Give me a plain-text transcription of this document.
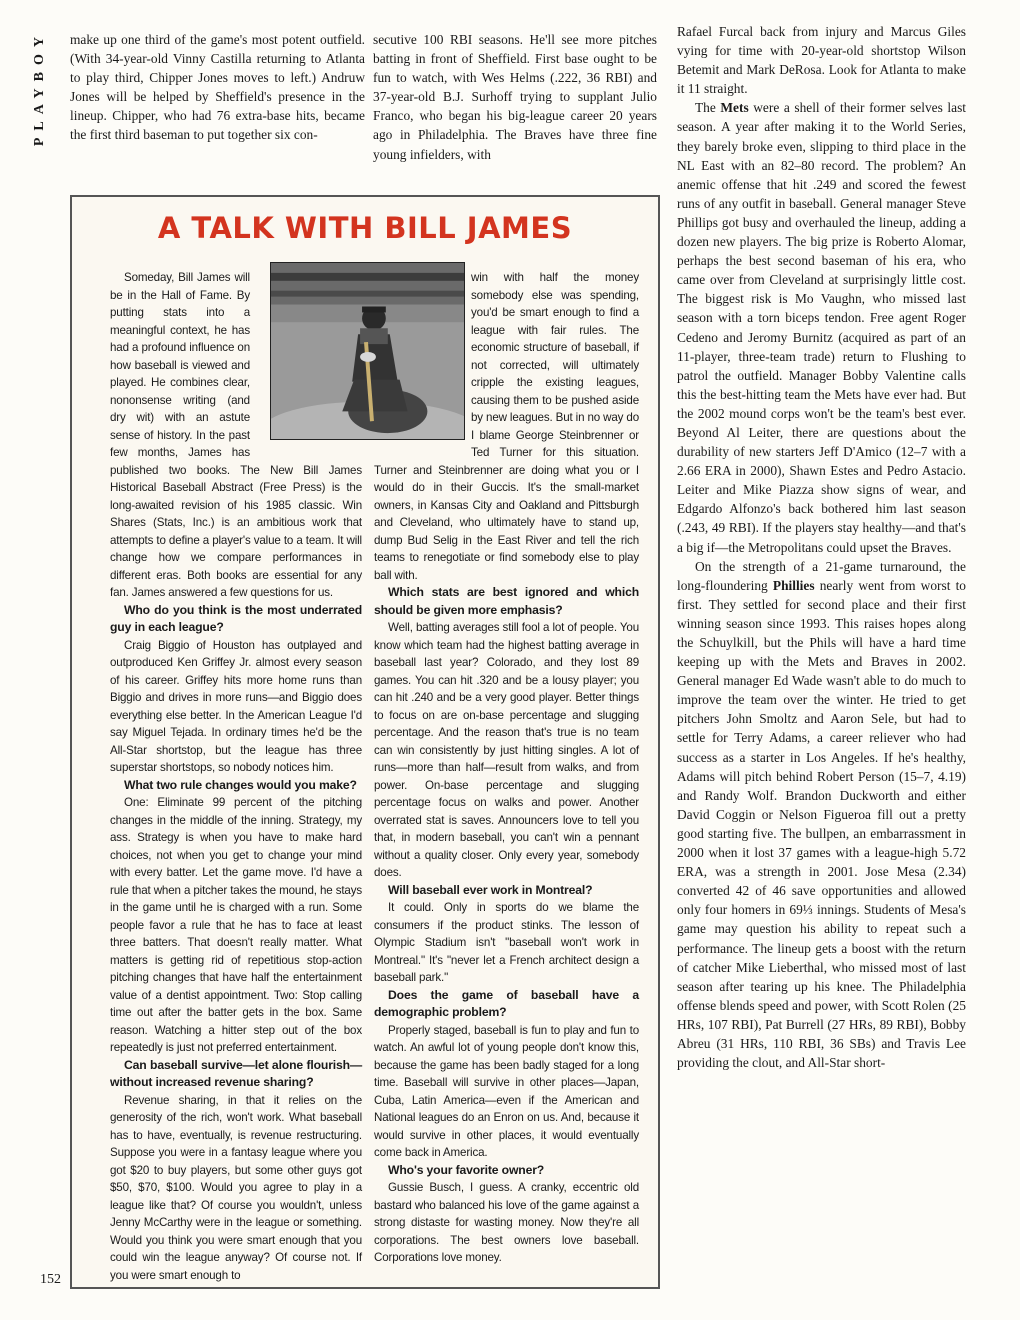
PLAYBOY make up one third of the game's most potent outfield. (With 34-year-old Vinny Castilla returning to Atlanta to play third, Chipper Jones moves to left.) Andruw Jones will be helped by Sheffield's presence in the lineup. Chipper, who had 76 extra-base hits, became the first third baseman to put together six con-

secutive 100 RBI seasons. He'll see more pitches batting in front of Sheffield. First base ought to be fun to watch, with Wes Helms (.222, 36 RBI) and 37-year-old B.J. Surhoff trying to supplant Julio Franco, who began his big-league career 20 years ago in Philadelphia. The Braves have three fine young infielders, with

Rafael Furcal back from injury and Marcus Giles vying for time with 20-year-old shortstop Wilson Betemit and Mark DeRosa. Look for Atlanta to make it 11 straight.

The Mets were a shell of their former selves last season. A year after making it to the World Series, they barely broke even, slipping to third place in the NL East with an 82–80 record. The problem? An anemic offense that hit .249 and scored the fewest runs of any outfit in baseball. General manager Steve Phillips got busy and overhauled the lineup, adding a dozen new players. The big prize is Roberto Alomar, perhaps the best second baseman of his era, who came over from Cleveland at surprisingly little cost. The biggest risk is Mo Vaughn, who missed last season with a torn biceps tendon. Free agent Roger Cedeno and Jeromy Burnitz (acquired as part of an 11-player, three-team trade) return to Flushing to patrol the outfield. Manager Bobby Valentine calls this the best-hitting team the Mets have ever had. But the 2002 mound corps won't be the team's best ever. Beyond Al Leiter, there are questions about the durability of new starters Jeff D'Amico (12–7 with a 2.66 ERA in 2000), Shawn Estes and Pedro Astacio. Leiter and Mike Piazza show signs of wear, and Edgardo Alfonzo's back bothered him last season (.243, 49 RBI). If the players stay healthy—and that's a big if—the Metropolitans could upset the Braves.

On the strength of a 21-game turnaround, the long-floundering Phillies nearly went from worst to first. They settled for second place and their first winning season since 1993. This raises hopes along the Schuylkill, but the Phils will have a hard time keeping up with the Mets and Braves in 2002. General manager Ed Wade wasn't able to do much to improve the team over the winter. He tried to get pitchers John Smoltz and Aaron Sele, but had to settle for Terry Adams, a career reliever who had success as a starter in Los Angeles. If he's healthy, Adams will pitch behind Robert Person (15–7, 4.19) and Randy Wolf. Brandon Duckworth and either David Coggin or Nelson Figueroa fill out a pretty good starting five. The bullpen, an embarrassment in 2000 when it lost 37 games with a league-high 5.72 ERA, was a strength in 2001. Jose Mesa (2.34) converted 42 of 46 save opportunities and allowed only four homers in 69⅓ innings. Students of Mesa's game may question his ability to repeat such a performance. The lineup gets a boost with the return of catcher Mike Lieberthal, who missed most of last season after tearing up his knee. The Philadelphia offense blends speed and power, with Scott Rolen (25 HRs, 107 RBI), Pat Burrell (27 HRs, 89 RBI), Bobby Abreu (31 HRs, 110 RBI, 36 SBs) and Travis Lee providing the clout, and All-Star short-

A TALK WITH BILL JAMES

Someday, Bill James will be in the Hall of Fame. By putting stats into a meaningful context, he has had a profound influence on how baseball is viewed and played. He combines clear, nononsense writing (and dry wit) with an astute sense of history. In the past few months, James has published two books. The New Bill James Historical Baseball Abstract (Free Press) is the long-awaited revision of his 1985 classic. Win Shares (Stats, Inc.) is an ambitious work that attempts to define a player's value to a team. It will change how we compare performances in different eras. Both books are essential for any fan. James answered a few questions for us.

Who do you think is the most underrated guy in each league?

Craig Biggio of Houston has outplayed and outproduced Ken Griffey Jr. almost every season of his career. Griffey hits more home runs than Biggio and drives in more runs—and Biggio does everything else better. In the American League I'd say Miguel Tejada. In ordinary times he'd be the All-Star shortstop, but the league has three superstar shortstops, so nobody notices him.

What two rule changes would you make?

One: Eliminate 99 percent of the pitching changes in the middle of the inning. Strategy, my ass. Strategy is when you have to make hard choices, not when you get to change your mind with every batter. Let the game move. I'd have a rule that when a pitcher takes the mound, he stays in the game until he is charged with a run. Some people favor a rule that he has to face at least three batters. That doesn't really matter. What matters is getting rid of repetitious stop-action pitching changes that have half the entertainment value of a dentist appointment. Two: Stop calling time out after the batter gets in the box. Same reason. Watching a hitter step out of the box repeatedly is just not preferred entertainment.

Can baseball survive—let alone flourish—without increased revenue sharing?

Revenue sharing, in that it relies on the generosity of the rich, won't work. What baseball has to have, eventually, is revenue restructuring. Suppose you were in a fantasy league where you got $20 to buy players, but some other guys got $50, $70, $100. Would you agree to play in a league like that? Of course you wouldn't, unless Jenny McCarthy were in the league or something. Would you think you were smart enough that you could win the league anyway? Of course not. If you were smart enough to

win with half the money somebody else was spending, you'd be smart enough to find a league with fair rules. The economic structure of baseball, if not corrected, will ultimately cripple the existing leagues, causing them to be pushed aside by new leagues. But in no way do I blame George Steinbrenner or Ted Turner for this situation. Turner and Steinbrenner are doing what you or I would do in their Guccis. It's the small-market owners, in Kansas City and Oakland and Pittsburgh and Cleveland, who ultimately have to stand up, dump Bud Selig in the East River and tell the rich teams to renegotiate or find somebody else to play ball with.

Which stats are best ignored and which should be given more emphasis?

Well, batting averages still fool a lot of people. You know which team had the highest batting average in baseball last year? Colorado, and they lost 89 games. You can hit .320 and be a lousy player; you can hit .240 and be a very good player. Better things to focus on are on-base percentage and slugging percentage. And the reason that's true is no team can win consistently by just hitting singles. A lot of runs—more than half—result from walks, and from power. On-base percentage and slugging percentage focus on walks and power. Another overrated stat is saves. Announcers love to tell you that, in modern baseball, you can't win a pennant without a quality closer. Only every year, somebody does.

Will baseball ever work in Montreal?

It could. Only in sports do we blame the consumers if the product stinks. The lesson of Olympic Stadium isn't "baseball won't work in Montreal." It's "never let a French architect design a baseball park."

Does the game of baseball have a demographic problem?

Properly staged, baseball is fun to play and fun to watch. An awful lot of young people don't know this, because the game has been badly staged for a long time. Baseball will survive in other places—Japan, Cuba, Latin America—even if the American and National leagues do an Enron on us. And, because it would survive in other places, it would eventually come back in America.

Who's your favorite owner?

Gussie Busch, I guess. A cranky, eccentric old bastard who balanced his love of the game against a strong distaste for wasting money. Now they're all corporations. The best owners love baseball. Corporations love money.

152
